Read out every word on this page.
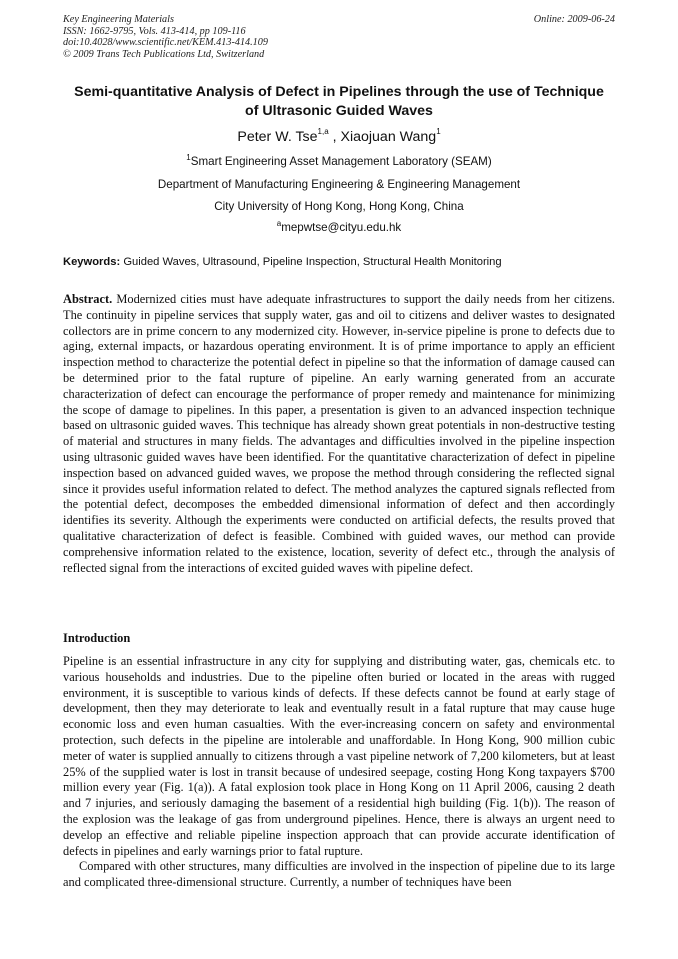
Key Engineering Materials
ISSN: 1662-9795, Vols. 413-414, pp 109-116
doi:10.4028/www.scientific.net/KEM.413-414.109
© 2009 Trans Tech Publications Ltd, Switzerland
Online: 2009-06-24
Semi-quantitative Analysis of Defect in Pipelines through the use of Technique of Ultrasonic Guided Waves
Peter W. Tse$^{1,a}$ , Xiaojuan Wang$^1$
$^1$Smart Engineering Asset Management Laboratory (SEAM)
Department of Manufacturing Engineering & Engineering Management
City University of Hong Kong, Hong Kong, China
$^a$mepwtse@cityu.edu.hk
Keywords: Guided Waves, Ultrasound, Pipeline Inspection, Structural Health Monitoring
Abstract. Modernized cities must have adequate infrastructures to support the daily needs from her citizens. The continuity in pipeline services that supply water, gas and oil to citizens and deliver wastes to designated collectors are in prime concern to any modernized city. However, in-service pipeline is prone to defects due to aging, external impacts, or hazardous operating environment. It is of prime importance to apply an efficient inspection method to characterize the potential defect in pipeline so that the information of damage caused can be determined prior to the fatal rupture of pipeline. An early warning generated from an accurate characterization of defect can encourage the performance of proper remedy and maintenance for minimizing the scope of damage to pipelines. In this paper, a presentation is given to an advanced inspection technique based on ultrasonic guided waves. This technique has already shown great potentials in non-destructive testing of material and structures in many fields. The advantages and difficulties involved in the pipeline inspection using ultrasonic guided waves have been identified. For the quantitative characterization of defect in pipeline inspection based on advanced guided waves, we propose the method through considering the reflected signal since it provides useful information related to defect. The method analyzes the captured signals reflected from the potential defect, decomposes the embedded dimensional information of defect and then accordingly identifies its severity. Although the experiments were conducted on artificial defects, the results proved that qualitative characterization of defect is feasible. Combined with guided waves, our method can provide comprehensive information related to the existence, location, severity of defect etc., through the analysis of reflected signal from the interactions of excited guided waves with pipeline defect.
Introduction

Pipeline is an essential infrastructure in any city for supplying and distributing water, gas, chemicals etc. to various households and industries. Due to the pipeline often buried or located in the areas with rugged environment, it is susceptible to various kinds of defects. If these defects cannot be found at early stage of development, then they may deteriorate to leak and eventually result in a fatal rupture that may cause huge economic loss and even human casualties. With the ever-increasing concern on safety and environmental protection, such defects in the pipeline are intolerable and unaffordable. In Hong Kong, 900 million cubic meter of water is supplied annually to citizens through a vast pipeline network of 7,200 kilometers, but at least 25% of the supplied water is lost in transit because of undesired seepage, costing Hong Kong taxpayers $700 million every year (Fig. 1(a)). A fatal explosion took place in Hong Kong on 11 April 2006, causing 2 death and 7 injuries, and seriously damaging the basement of a residential high building (Fig. 1(b)). The reason of the explosion was the leakage of gas from underground pipelines. Hence, there is always an urgent need to develop an effective and reliable pipeline inspection approach that can provide accurate identification of defects in pipelines and early warnings prior to fatal rupture.

Compared with other structures, many difficulties are involved in the inspection of pipeline due to its large and complicated three-dimensional structure. Currently, a number of techniques have been
